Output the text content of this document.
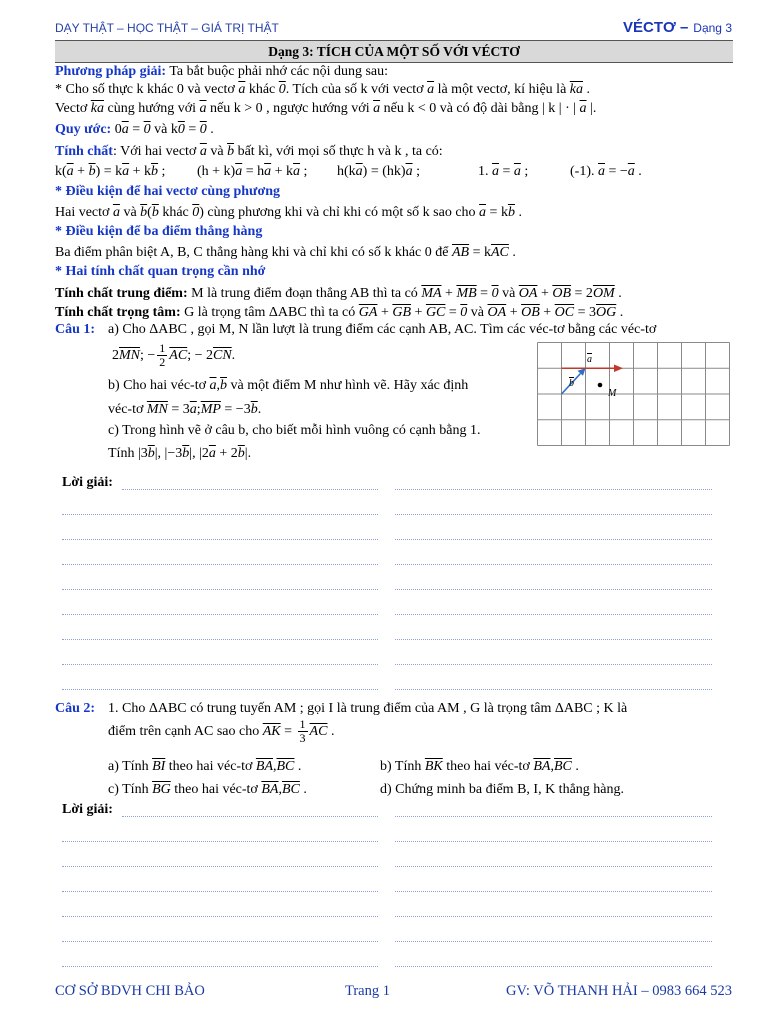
DẠY THẬT – HỌC THẬT – GIÁ TRỊ THẬT	VÉCTƠ – Dạng 3
Dạng 3: TÍCH CỦA MỘT SỐ VỚI VÉCTƠ
Phương pháp giải: Ta bắt buộc phải nhớ các nội dung sau:
* Cho số thực k khác 0 và vectơ $\overline{a}$ khác 0. Tích của số k với vectơ $\overline{a}$ là một vectơ, kí hiệu là $\overline{ka}$ .
Vectơ $\overline{ka}$ cùng hướng với $\overline{a}$ nếu k > 0 , ngược hướng với $\overline{a}$ nếu k < 0 và có độ dài bằng | k | · | $\overline{a}$ |.
Quy ước: $0\overline{a} = 0$ và k0 = 0 .
Tính chất: Với hai vectơ $\overline{a}$ và $\overline{b}$ bất kì, với mọi số thực h và k , ta có:
$k(\overline{a} + \overline{b}) = k\overline{a} + k\overline{b}$ ; $(h + k)\overline{a} = h\overline{a} + k\overline{a}$ ; $h(k\overline{a}) = (hk)\overline{a}$ ;	1. $\overline{a} = \overline{a}$ ;	(-1). $\overline{a} = -\overline{a}$ .
* Điều kiện để hai vectơ cùng phương
Hai vectơ $\overline{a}$ và $\overline{b}(\overline{b}$ khác 0) cùng phương khi và chỉ khi có một số k sao cho $\overline{a} = k\overline{b}$ .
* Điều kiện để ba điểm thẳng hàng
Ba điểm phân biệt A, B, C thẳng hàng khi và chỉ khi có số k khác 0 để $\overline{AB} = k\overline{AC}$ .
* Hai tính chất quan trọng cần nhớ
Tính chất trung điểm: M là trung điểm đoạn thẳng AB thì ta có $\overline{MA} + \overline{MB} = 0$ và $\overline{OA} + \overline{OB} = 2\overline{OM}$ .
Tính chất trọng tâm: G là trọng tâm ΔABC thì ta có $\overline{GA} + \overline{GB} + \overline{GC} = 0$ và $\overline{OA} + \overline{OB} + \overline{OC} = 3\overline{OG}$ .
Câu 1: a) Cho ΔABC , gọi M, N lần lượt là trung điểm các cạnh AB, AC. Tìm các véc-tơ bằng các véc-tơ
$2\overline{MN}$; − $\frac{1}{2} \overline{AC}$; − $2\overline{CN}$.
b) Cho hai véc-tơ $\overline{a},\overline{b}$ và một điểm M như hình vẽ. Hãy xác định
véc-tơ $\overline{MN}$ = $3\overline{a};\overline{MP} = -3\overline{b}$.
c) Trong hình vẽ ở câu b, cho biết mỗi hình vuông có cạnh bằng 1.
Tính $|3\overline{b}|$, $|-3\overline{b}|$, $|2\overline{a} + 2\overline{b}|$.
a
b
M
Lời giải:
Câu 2: 1. Cho ΔABC có trung tuyến AM ; gọi I là trung điểm của AM , G là trọng tâm ΔABC ; K là
điểm trên cạnh AC sao cho $\overline{AK} = \frac{1}{3} \overline{AC}$ .
a) Tính $\overline{BI}$ theo hai véc-tơ $\overline{BA},\overline{BC}$ .	b) Tính $\overline{BK}$ theo hai véc-tơ $\overline{BA},\overline{BC}$ .
c) Tính $\overline{BG}$ theo hai véc-tơ $\overline{BA},\overline{BC}$ .	d) Chứng minh ba điểm B, I, K thẳng hàng.
Lời giải:
CƠ SỞ BDVH CHI BẢO	Trang 1	GV: VÕ THANH HẢI – 0983 664 523
